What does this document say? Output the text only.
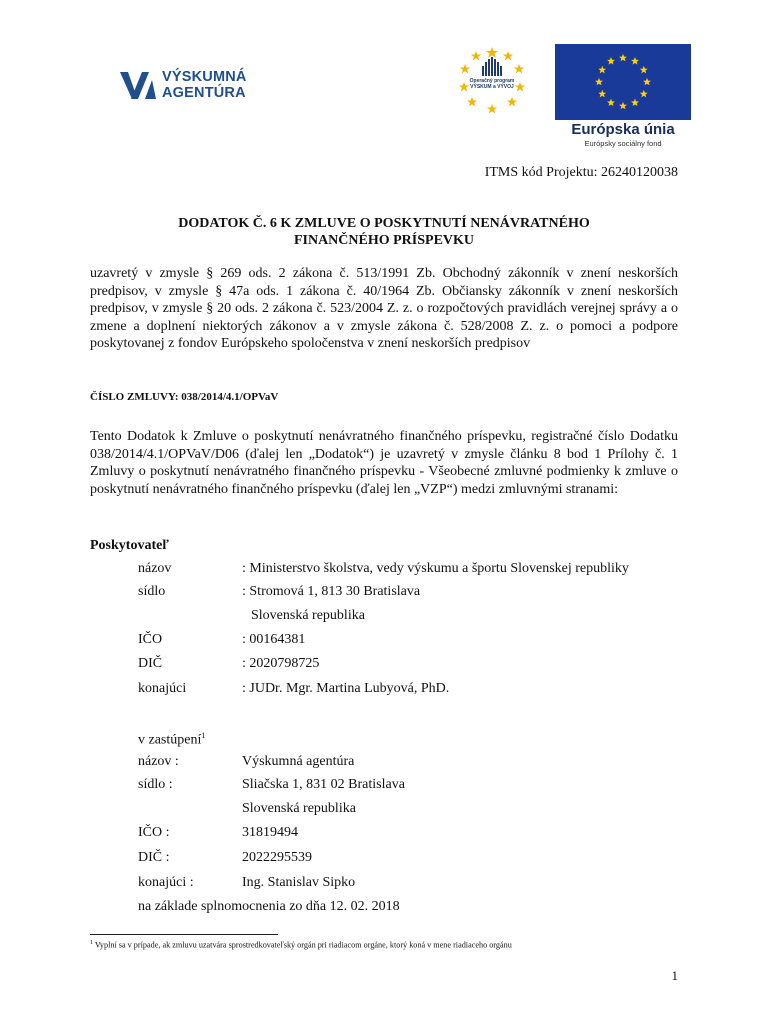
VÝSKUMNÁ
AGENTÚRA
Operačný program
VÝSKUM a VÝVOJ
Európska únia
Európsky sociálny fond
ITMS kód Projektu: 26240120038
DODATOK Č. 6 K ZMLUVE O POSKYTNUTÍ NENÁVRATNÉHO
FINANČNÉHO PRÍSPEVKU
uzavretý v zmysle § 269 ods. 2 zákona č. 513/1991 Zb. Obchodný zákonník v znení neskorších predpisov, v zmysle § 47a ods. 1 zákona č. 40/1964 Zb. Občiansky zákonník v znení neskorších predpisov, v zmysle § 20 ods. 2 zákona č. 523/2004 Z. z. o rozpočtových pravidlách verejnej správy a o zmene a doplnení niektorých zákonov a v zmysle zákona č. 528/2008 Z. z. o pomoci a podpore poskytovanej z fondov Európskeho spoločenstva v znení neskorších predpisov
ČÍSLO ZMLUVY: 038/2014/4.1/OPVaV
Tento Dodatok k Zmluve o poskytnutí nenávratného finančného príspevku, registračné číslo Dodatku 038/2014/4.1/OPVaV/D06 (ďalej len „Dodatok“) je uzavretý v zmysle článku 8 bod 1 Prílohy č. 1 Zmluvy o poskytnutí nenávratného finančného príspevku - Všeobecné zmluvné podmienky k zmluve o poskytnutí nenávratného finančného príspevku (ďalej len „VZP“) medzi zmluvnými stranami:
Poskytovateľ
názov	: Ministerstvo školstva, vedy výskumu a športu Slovenskej republiky
sídlo	: Stromová 1, 813 30 Bratislava
Slovenská republika
IČO	: 00164381
DIČ	: 2020798725
konajúci	: JUDr. Mgr. Martina Lubyová, PhD.
v zastúpení$^1$
názov :	Výskumná agentúra
sídlo :	Sliačska 1, 831 02 Bratislava
Slovenská republika
IČO :	31819494
DIČ :	2022295539
konajúci :	Ing. Stanislav Sipko
na základe splnomocnenia zo dňa 12. 02. 2018
$^1$ Vyplní sa v prípade, ak zmluvu uzatvára sprostredkovateľský orgán pri riadiacom orgáne, ktorý koná v mene riadiaceho orgánu
1
